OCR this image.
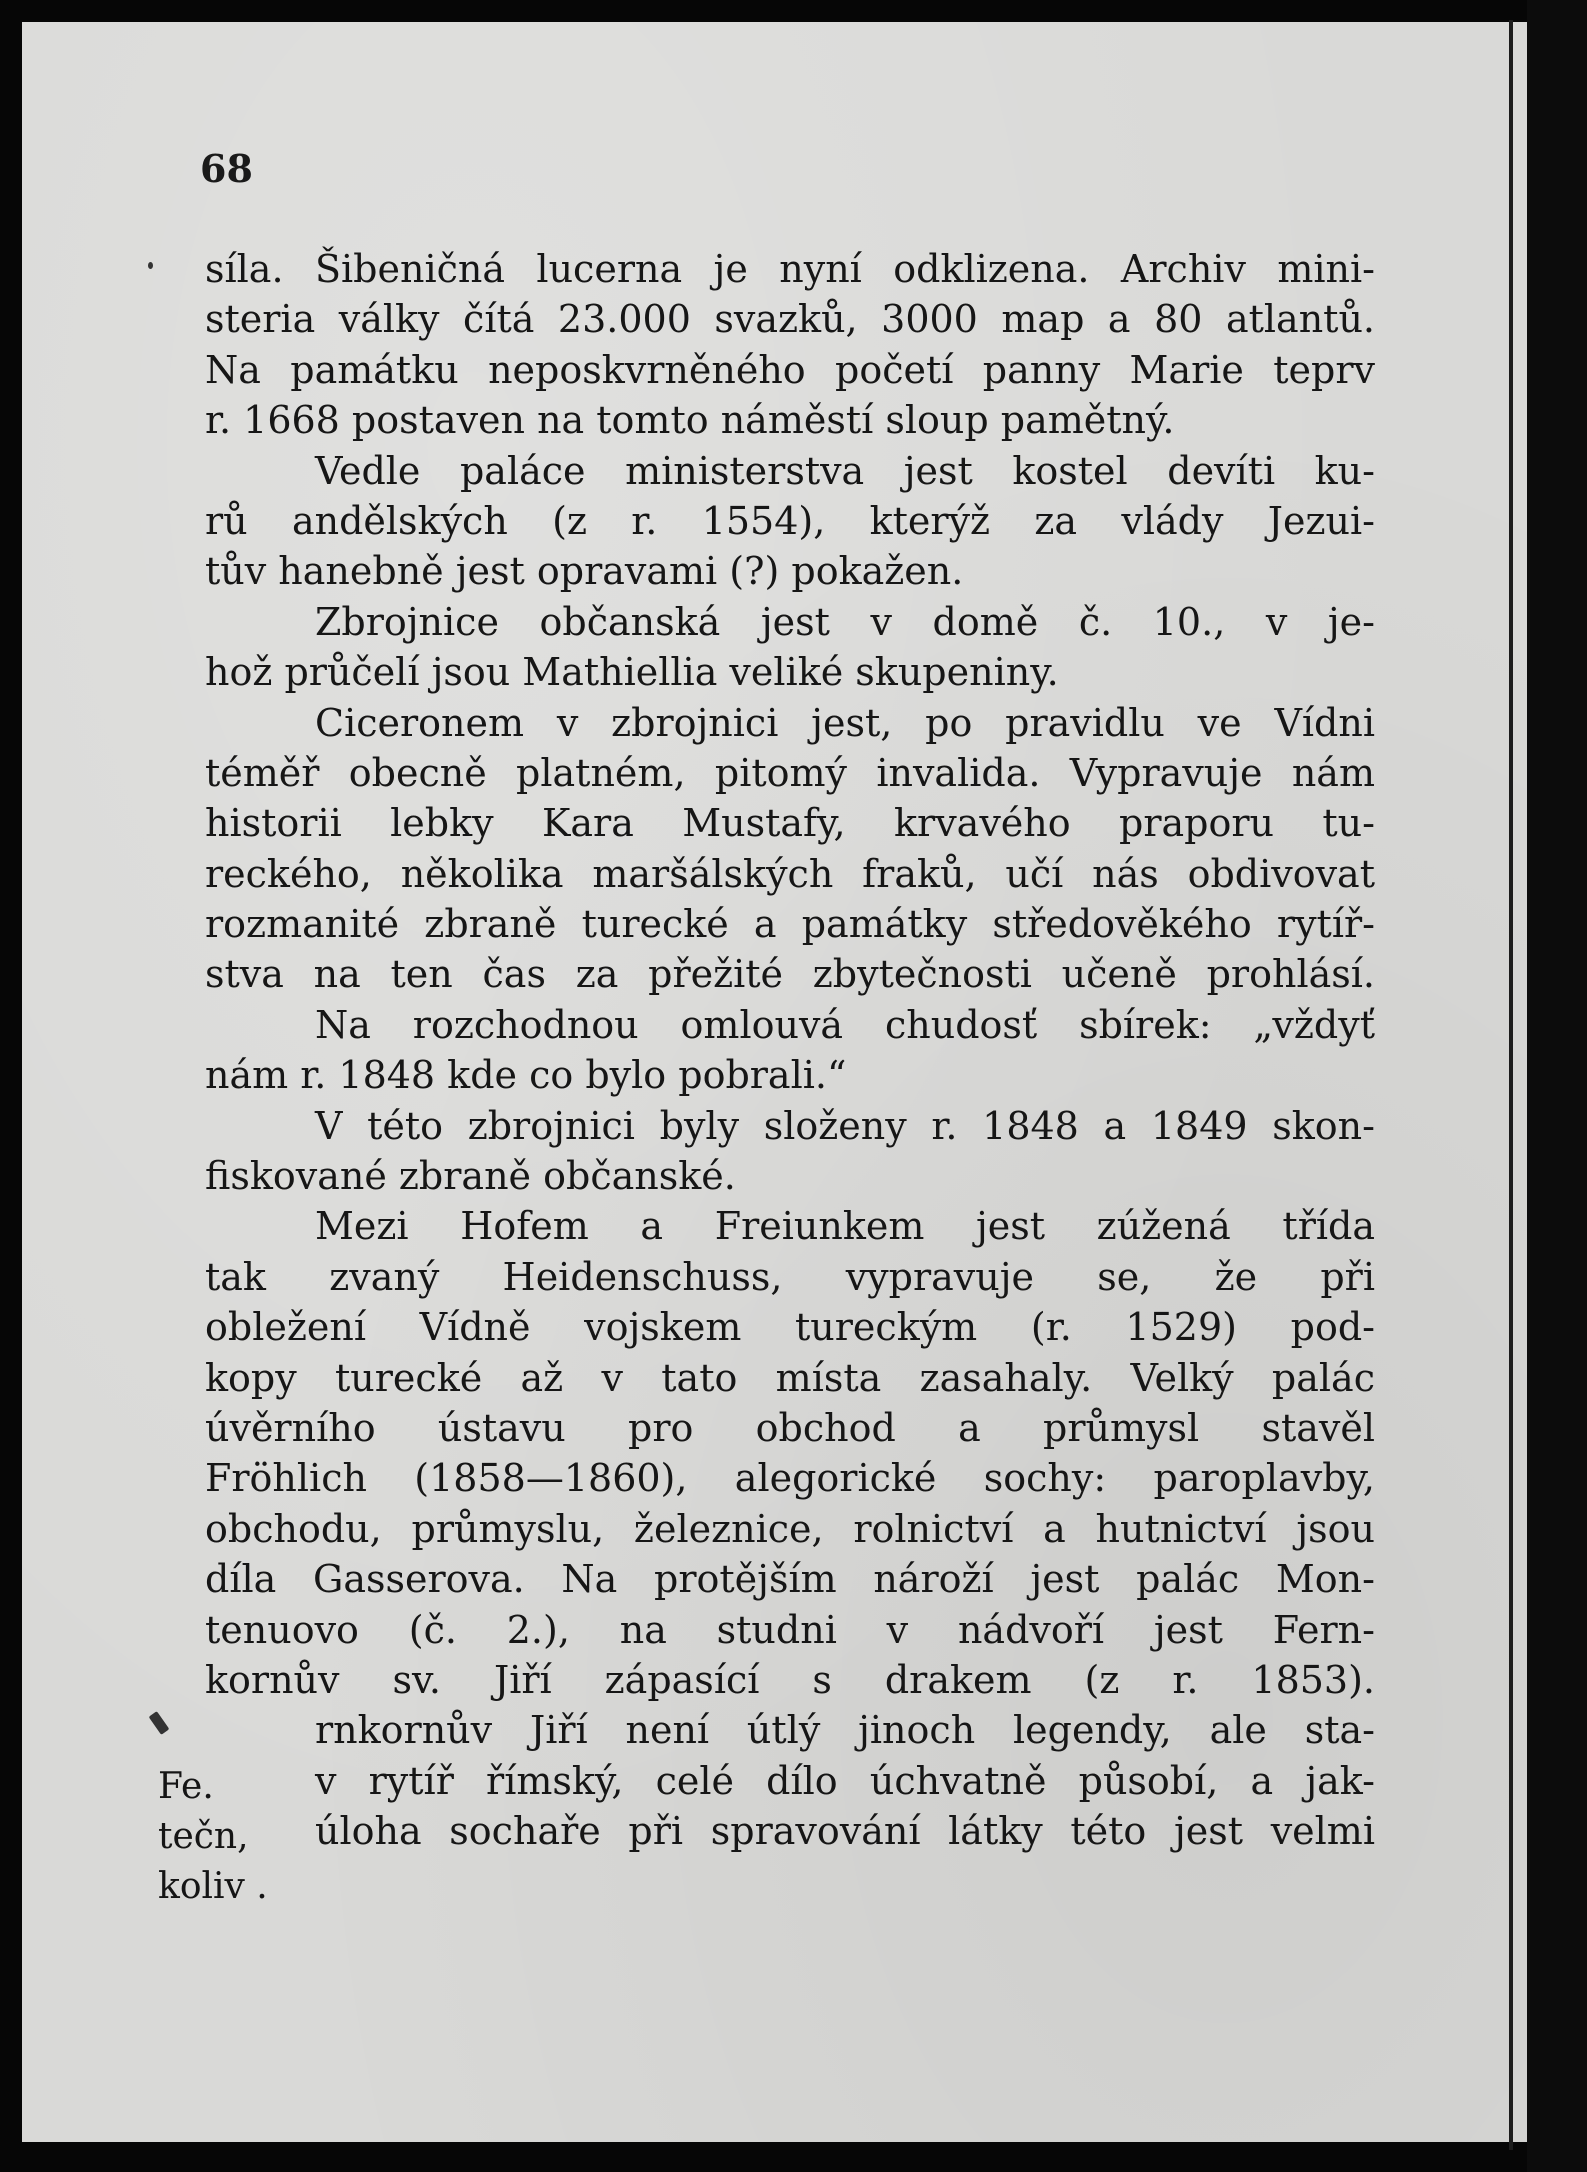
68
síla. Šibeničná lucerna je nyní odklizena. Archiv mini-
steria války čítá 23.000 svazků, 3000 map a 80 atlantů.
Na památku neposkvrněného početí panny Marie teprv
r. 1668 postaven na tomto náměstí sloup pamětný.
Vedle paláce ministerstva jest kostel devíti ku-
rů andělských (z r. 1554), kterýž za vlády Jezui-
tův hanebně jest opravami (?) pokažen.
Zbrojnice občanská jest v domě č. 10., v je-
hož průčelí jsou Mathiellia veliké skupeniny.
Ciceronem v zbrojnici jest, po pravidlu ve Vídni
téměř obecně platném, pitomý invalida. Vypravuje nám
historii lebky Kara Mustafy, krvavého praporu tu-
reckého, několika maršálských fraků, učí nás obdivovat
rozmanité zbraně turecké a památky středověkého rytíř-
stva na ten čas za přežité zbytečnosti učeně prohlásí.
Na rozchodnou omlouvá chudosť sbírek: „vždyť
nám r. 1848 kde co bylo pobrali.“
V této zbrojnici byly složeny r. 1848 a 1849 skon-
fiskované zbraně občanské.
Mezi Hofem a Freiunkem jest zúžená třída
tak zvaný Heidenschuss, vypravuje se, že při
obležení Vídně vojskem tureckým (r. 1529) pod-
kopy turecké až v tato místa zasahaly. Velký palác
úvěrního ústavu pro obchod a průmysl stavěl
Fröhlich (1858—1860), alegorické sochy: paroplavby,
obchodu, průmyslu, železnice, rolnictví a hutnictví jsou
díla Gasserova. Na protějším nároží jest palác Mon-
tenuovo (č. 2.), na studni v nádvoří jest Fern-
kornův sv. Jiří zápasící s drakem (z r. 1853).
rnkornův Jiří není útlý jinoch legendy, ale sta-
v rytíř římský, celé dílo úchvatně působí, a jak-
úloha sochaře při spravování látky této jest velmi
Fe.
tečn,
koliv .
